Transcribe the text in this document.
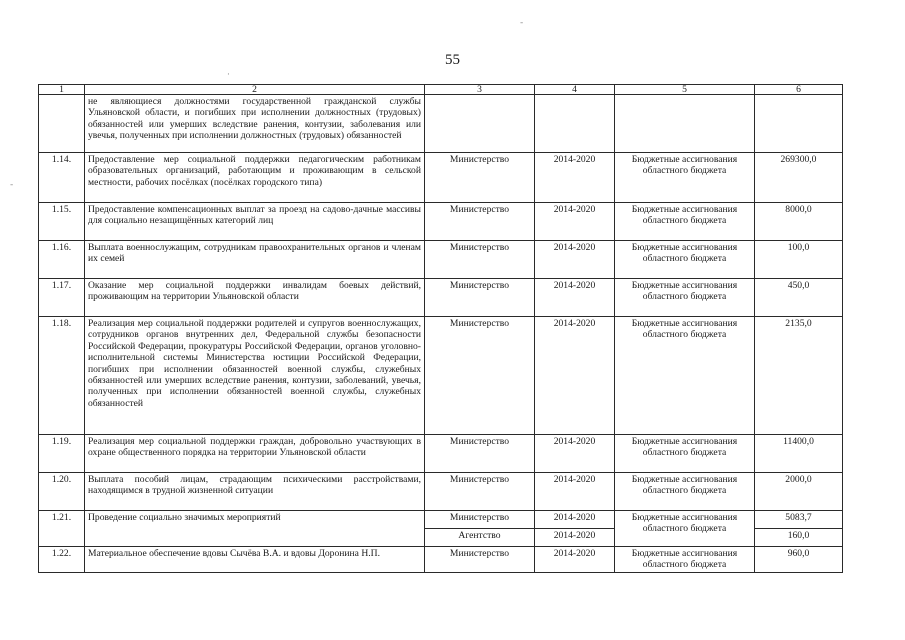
55
-
·
-
1	2	3	4	5	6
	не являющиеся должностями государственной гражданской службы Ульяновской области, и погибших при исполнении должностных (трудовых) обязанностей или умерших вследствие ранения, контузии, заболевания или увечья, полученных при исполнении должностных (трудовых) обязанностей				
1.14.	Предоставление мер социальной поддержки педагогическим работникам образовательных организаций, работающим и проживающим в сельской местности, рабочих посёлках (посёлках городского типа)	Министерство	2014-2020	Бюджетные ассигнования областного бюджета	269300,0
1.15.	Предоставление компенсационных выплат за проезд на садово-дачные массивы для социально незащищённых категорий лиц	Министерство	2014-2020	Бюджетные ассигнования областного бюджета	8000,0
1.16.	Выплата военнослужащим, сотрудникам правоохранительных органов и членам их семей	Министерство	2014-2020	Бюджетные ассигнования областного бюджета	100,0
1.17.	Оказание мер социальной поддержки инвалидам боевых действий, проживающим на территории Ульяновской области	Министерство	2014-2020	Бюджетные ассигнования областного бюджета	450,0
1.18.	Реализация мер социальной поддержки родителей и супругов военнослужащих, сотрудников органов внутренних дел, Федеральной службы безопасности Российской Федерации, прокуратуры Российской Федерации, органов уголовно-исполнительной системы Министерства юстиции Российской Федерации, погибших при исполнении обязанностей военной службы, служебных обязанностей или умерших вследствие ранения, контузии, заболеваний, увечья, полученных при исполнении обязанностей военной службы, служебных обязанностей	Министерство	2014-2020	Бюджетные ассигнования областного бюджета	2135,0
1.19.	Реализация мер социальной поддержки граждан, добровольно участвующих в охране общественного порядка на территории Ульяновской области	Министерство	2014-2020	Бюджетные ассигнования областного бюджета	11400,0
1.20.	Выплата пособий лицам, страдающим психическими расстройствами, находящимся в трудной жизненной ситуации	Министерство	2014-2020	Бюджетные ассигнования областного бюджета	2000,0
1.21.	Проведение социально значимых мероприятий	Министерство	2014-2020	Бюджетные ассигнования областного бюджета	5083,7
		Агентство	2014-2020		160,0
1.22.	Материальное обеспечение вдовы Сычёва В.А. и вдовы Доронина Н.П.	Министерство	2014-2020	Бюджетные ассигнования областного бюджета	960,0
